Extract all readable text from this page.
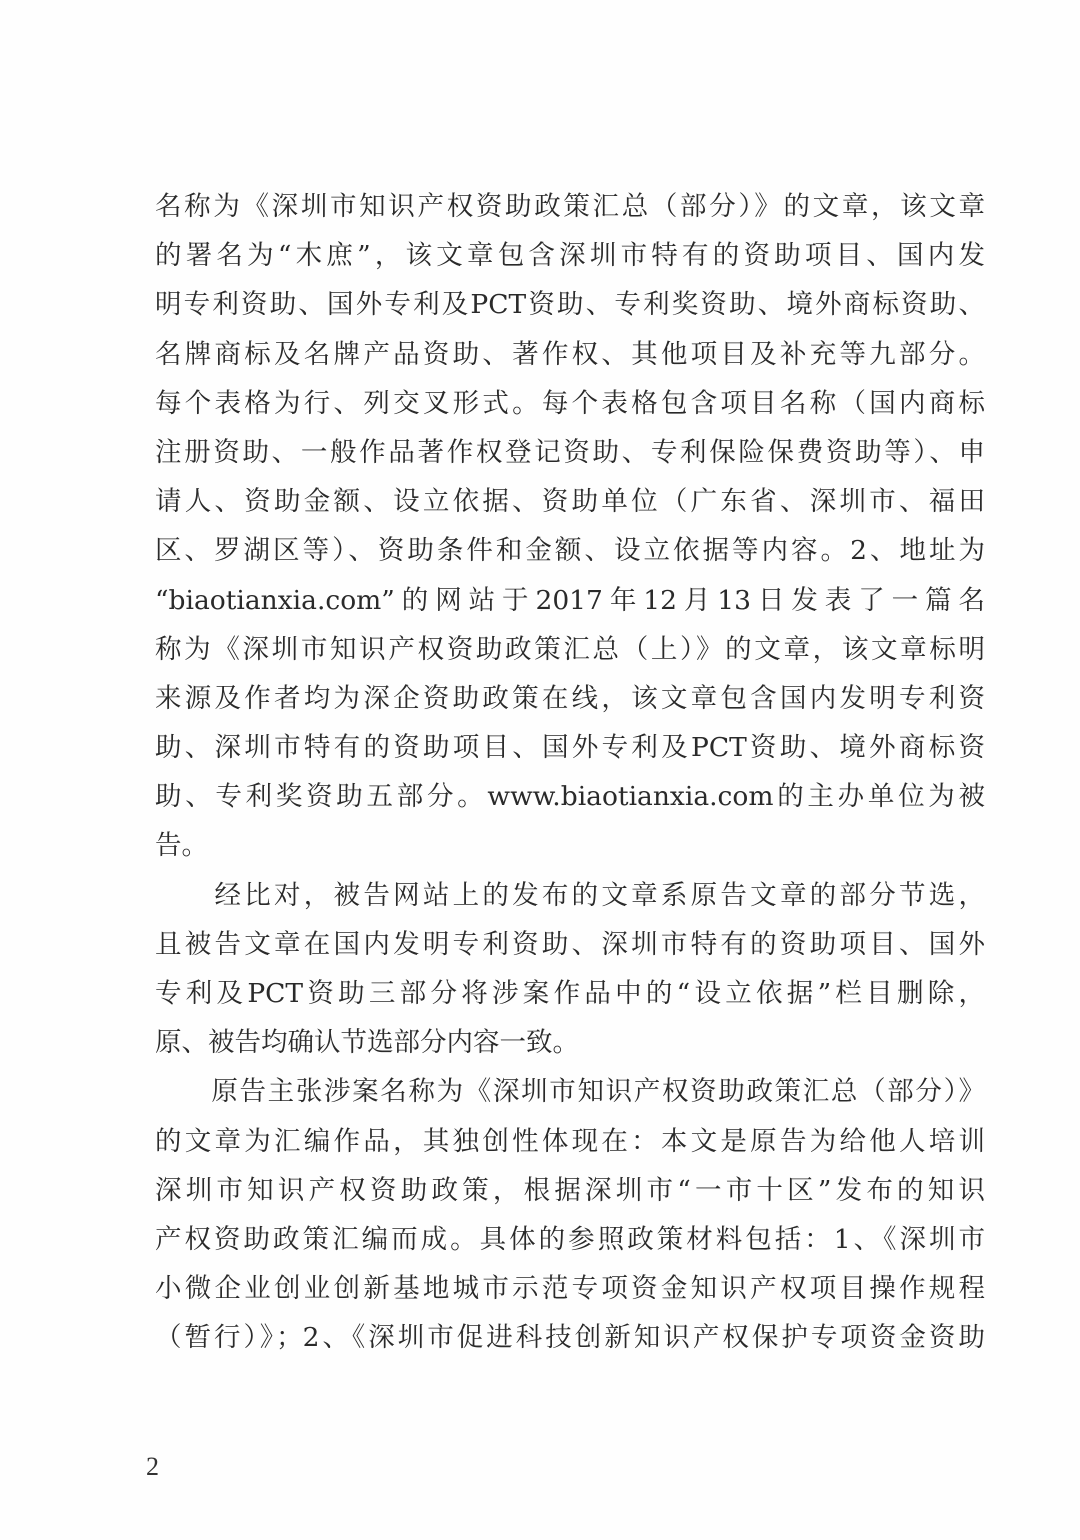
名称为《深圳市知识产权资助政策汇总（部分）》的文章，该文章
的署名为“木庶”，该文章包含深圳市特有的资助项目、国内发
明专利资助、国外专利及PCT资助、专利奖资助、境外商标资助、
名牌商标及名牌产品资助、著作权、其他项目及补充等九部分。
每个表格为行、列交叉形式。每个表格包含项目名称（国内商标
注册资助、一般作品著作权登记资助、专利保险保费资助等）、申
请人、资助金额、设立依据、资助单位（广东省、深圳市、福田
区、罗湖区等）、资助条件和金额、设立依据等内容。2、地址为
“biaotianxia.com”的网站于2017年12月13日发表了一篇名
称为《深圳市知识产权资助政策汇总（上）》的文章，该文章标明
来源及作者均为深企资助政策在线，该文章包含国内发明专利资
助、深圳市特有的资助项目、国外专利及PCT资助、境外商标资
助、专利奖资助五部分。www.biaotianxia.com的主办单位为被
告。
　　经比对，被告网站上的发布的文章系原告文章的部分节选，
且被告文章在国内发明专利资助、深圳市特有的资助项目、国外
专利及PCT资助三部分将涉案作品中的“设立依据”栏目删除，
原、被告均确认节选部分内容一致。
　　原告主张涉案名称为《深圳市知识产权资助政策汇总（部分）》
的文章为汇编作品，其独创性体现在：本文是原告为给他人培训
深圳市知识产权资助政策，根据深圳市“一市十区”发布的知识
产权资助政策汇编而成。具体的参照政策材料包括：1、《深圳市
小微企业创业创新基地城市示范专项资金知识产权项目操作规程
（暂行）》；2、《深圳市促进科技创新知识产权保护专项资金资助
2
